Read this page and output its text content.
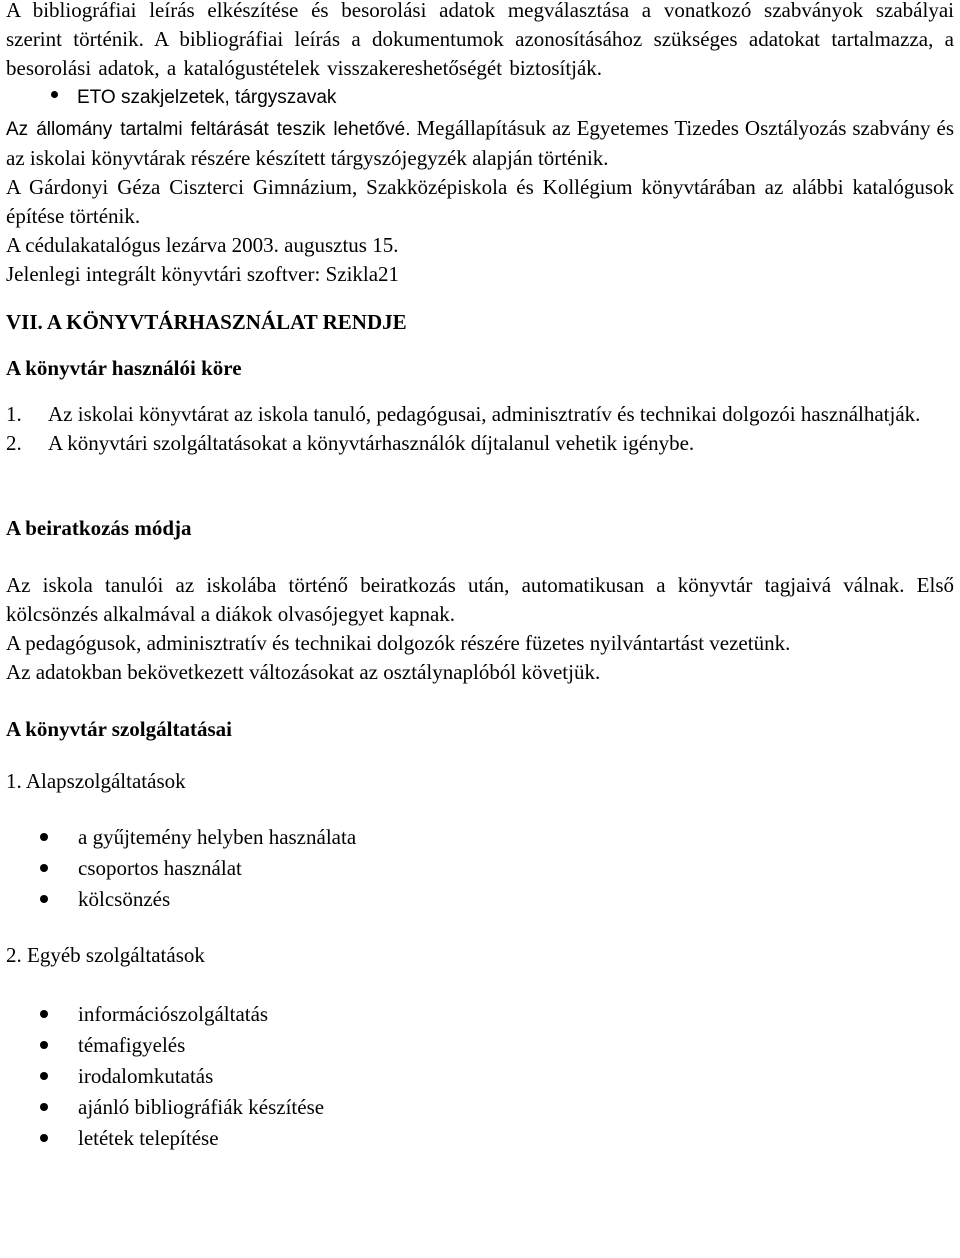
A bibliográfiai leírás elkészítése és besorolási adatok megválasztása a vonatkozó szabványok szabályai szerint történik. A bibliográfiai leírás a dokumentumok azonosításához szükséges adatokat tartalmazza, a besorolási adatok, a katalógustételek visszakereshetőségét biztosítják.

ETO szakjelzetek, tárgyszavak

Az állomány tartalmi feltárását teszik lehetővé. Megállapításuk az Egyetemes Tizedes Osztályozás szabvány és az iskolai könyvtárak részére készített tárgyszójegyzék alapján történik.

A Gárdonyi Géza Ciszterci Gimnázium, Szakközépiskola és Kollégium könyvtárában az alábbi katalógusok építése történik.

A cédulakatalógus lezárva 2003. augusztus 15.

Jelenlegi integrált könyvtári szoftver: Szikla21

VII. A KÖNYVTÁRHASZNÁLAT RENDJE

A könyvtár használói köre

1. Az iskolai könyvtárat az iskola tanuló, pedagógusai, adminisztratív és technikai dolgozói használhatják.
2. A könyvtári szolgáltatásokat a könyvtárhasználók díjtalanul vehetik igénybe.

A beiratkozás módja

Az iskola tanulói az iskolába történő beiratkozás után, automatikusan a könyvtár tagjaivá válnak. Első kölcsönzés alkalmával a diákok olvasójegyet kapnak.

A pedagógusok, adminisztratív és technikai dolgozók részére füzetes nyilvántartást vezetünk.

Az adatokban bekövetkezett változásokat az osztálynaplóból követjük.

A könyvtár szolgáltatásai

1. Alapszolgáltatások

a gyűjtemény helyben használata
csoportos használat
kölcsönzés

2. Egyéb szolgáltatások

információszolgáltatás
témafigyelés
irodalomkutatás
ajánló bibliográfiák készítése
letétek telepítése
